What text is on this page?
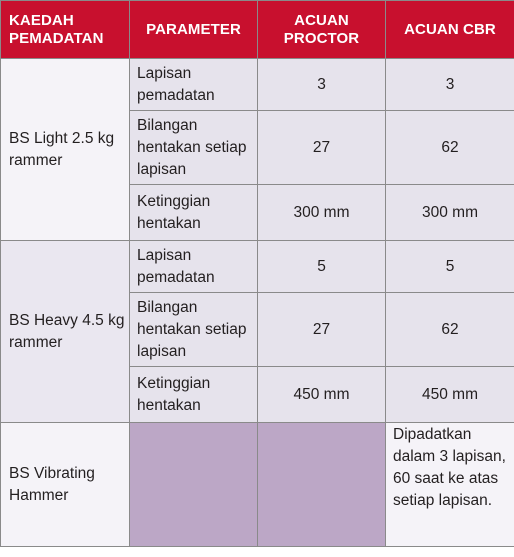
KAEDAH PEMADATAN	PARAMETER	ACUAN PROCTOR	ACUAN CBR
BS Light 2.5 kg rammer	Lapisan pemadatan	3	3
	Bilangan hentakan setiap lapisan	27	62
	Ketinggian hentakan	300 mm	300 mm
BS Heavy 4.5 kg rammer	Lapisan pemadatan	5	5
	Bilangan hentakan setiap lapisan	27	62
	Ketinggian hentakan	450 mm	450 mm
BS Vibrating Hammer			Dipadatkan dalam 3 lapisan, 60 saat ke atas setiap lapisan.
